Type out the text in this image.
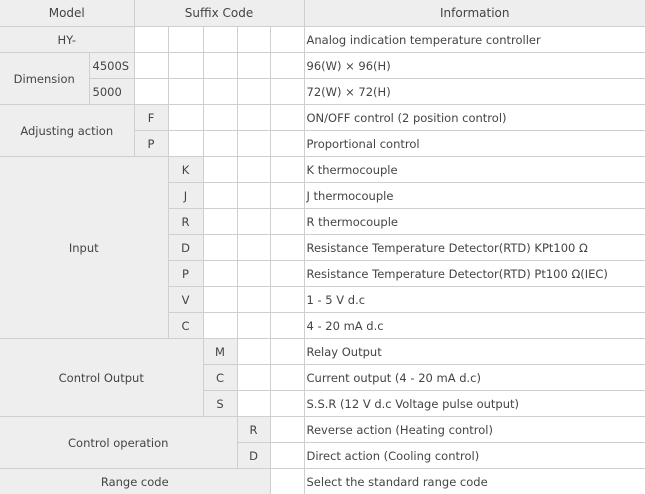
Model		Suffix Code					Information
HY-							Analog indication temperature controller
Dimension	4500S						96(W) × 96(H)
	5000						72(W) × 72(H)
Adjusting action		F					ON/OFF control (2 position control)
		P					Proportional control
Input			K				K thermocouple
			J				J thermocouple
			R				R thermocouple
			D				Resistance Temperature Detector(RTD) KPt100 Ω
			P				Resistance Temperature Detector(RTD) Pt100 Ω(IEC)
			V				1 - 5 V d.c
			C				4 - 20 mA d.c
Control Output				M			Relay Output
				C			Current output (4 - 20 mA d.c)
				S			S.S.R (12 V d.c Voltage pulse output)
Control operation					R		Reverse action (Heating control)
					D		Direct action (Cooling control)
Range code							Select the standard range code
